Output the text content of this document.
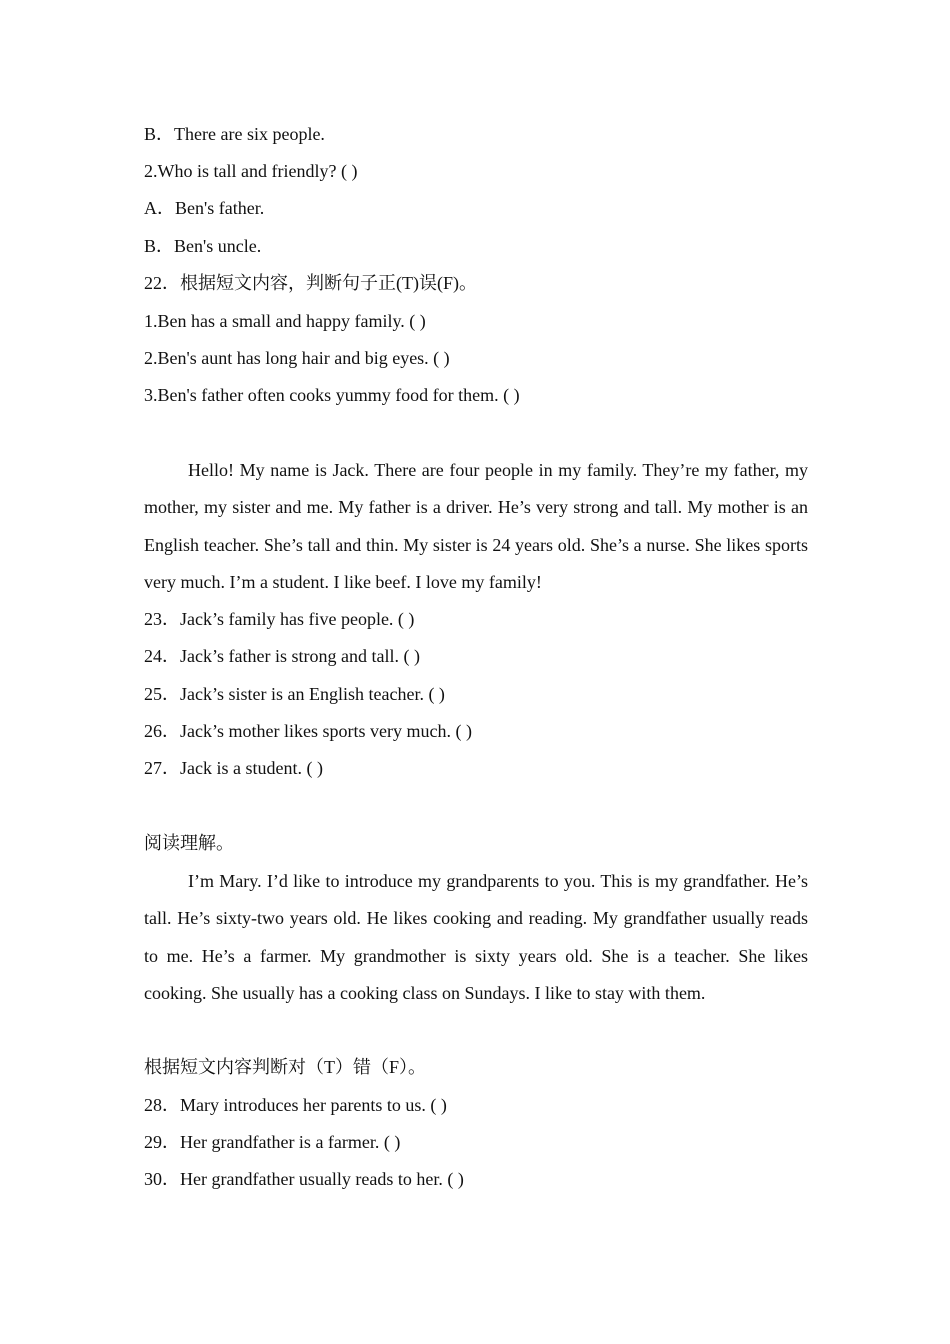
B．There are six people.
2.Who is tall and friendly? ( )
A．Ben's father.
B．Ben's uncle.
22．根据短文内容，判断句子正(T)误(F)。
1.Ben has a small and happy family. ( )
2.Ben's aunt has long hair and big eyes. ( )
3.Ben's father often cooks yummy food for them. ( )
Hello! My name is Jack. There are four people in my family. They’re my father, my mother, my sister and me. My father is a driver. He’s very strong and tall. My mother is an English teacher. She’s tall and thin. My sister is 24 years old. She’s a nurse. She likes sports very much. I’m a student. I like beef. I love my family!
23．Jack’s family has five people. ( )
24．Jack’s father is strong and tall. ( )
25．Jack’s sister is an English teacher. ( )
26．Jack’s mother likes sports very much. ( )
27．Jack is a student. ( )
阅读理解。
I’m Mary. I’d like to introduce my grandparents to you. This is my grandfather. He’s tall. He’s sixty-two years old. He likes cooking and reading. My grandfather usually reads to me. He’s a farmer. My grandmother is sixty years old. She is a teacher. She likes cooking. She usually has a cooking class on Sundays. I like to stay with them.
根据短文内容判断对（T）错（F）。
28．Mary introduces her parents to us. ( )
29．Her grandfather is a farmer. ( )
30．Her grandfather usually reads to her. ( )
